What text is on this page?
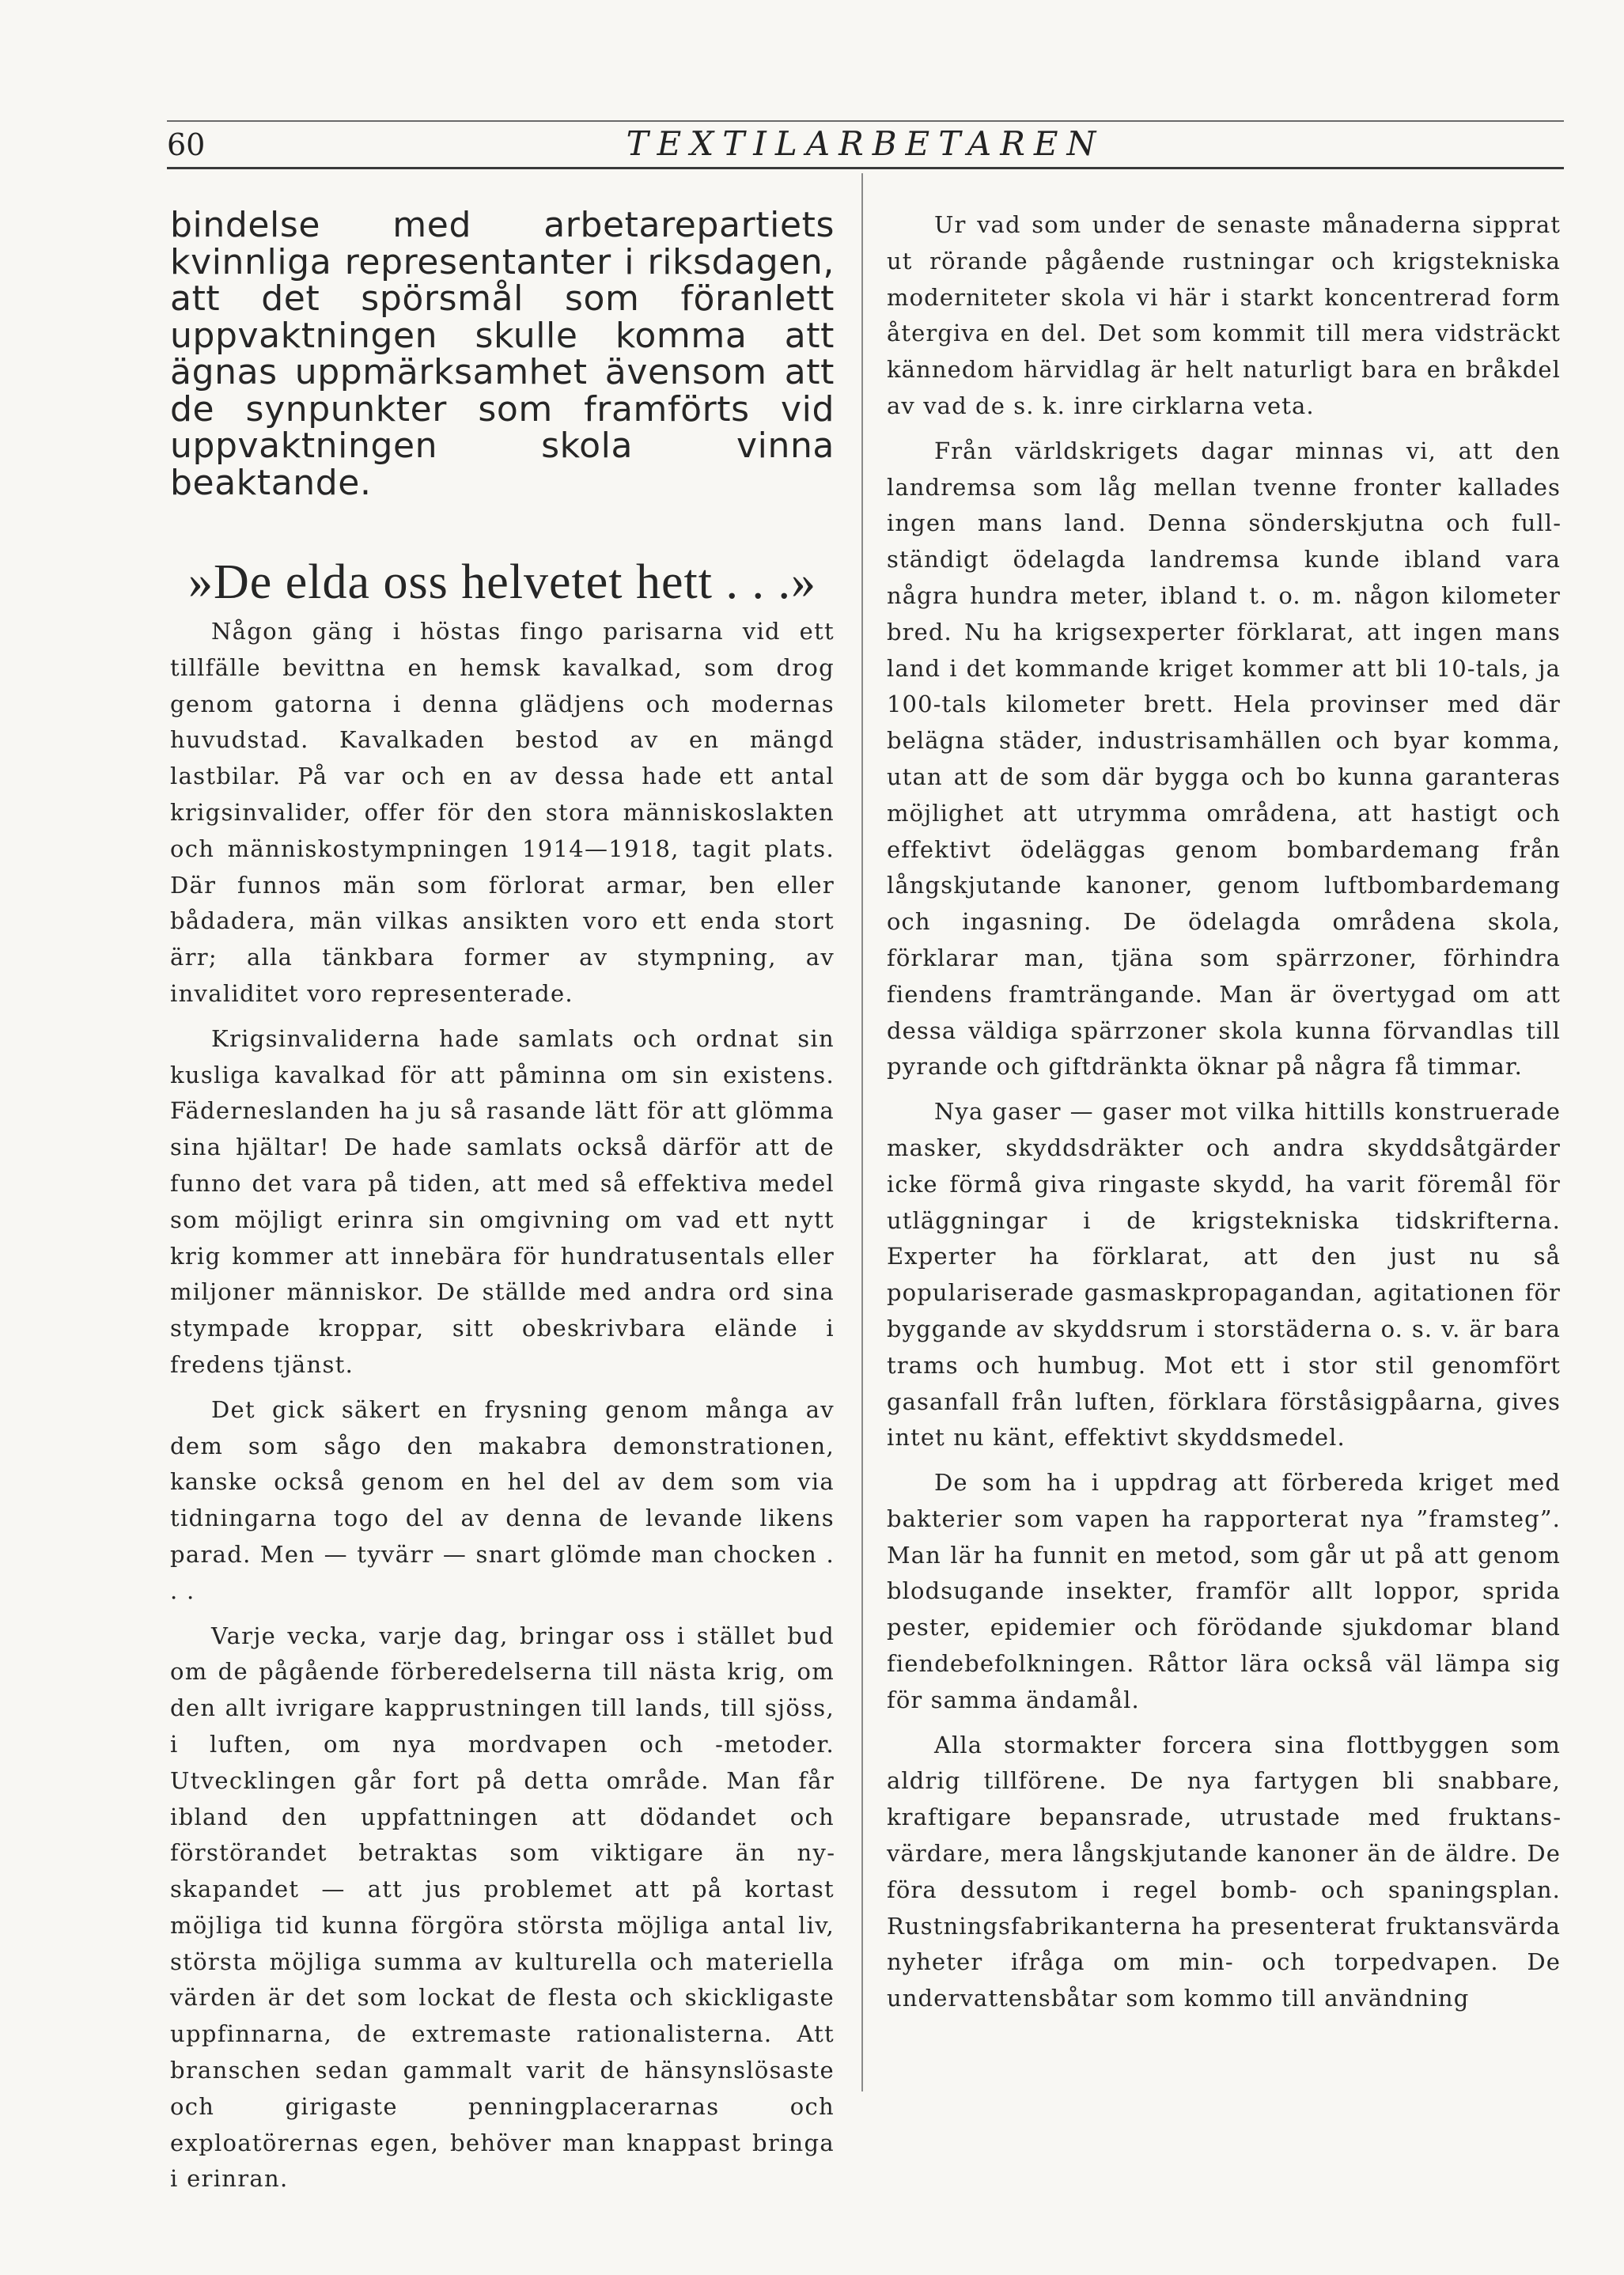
60	TEXTILARBETAREN

bindelse med arbetarepartiets kvinnliga representanter i riksdagen, att det spörsmål som föranlett uppvaktningen skulle komma att ägnas uppmärksamhet ävensom att de synpunkter som framförts vid uppvaktningen skola vinna beaktande.

»De elda oss helvetet hett . . .»

Någon gäng i höstas fingo parisarna vid ett tillfälle bevittna en hemsk kavalkad, som drog genom gatorna i denna glädjens och modernas huvudstad. Kavalkaden bestod av en mängd lastbilar. På var och en av dessa hade ett antal krigsinvalider, offer för den stora människoslakten och människostympningen 1914—1918, tagit plats. Där funnos män som förlorat armar, ben eller bådadera, män vilkas ansikten voro ett enda stort ärr; alla tänkbara former av stympning, av invaliditet voro representerade.

Krigsinvaliderna hade samlats och ordnat sin kusliga kavalkad för att påminna om sin existens. Fäderneslanden ha ju så rasande lätt för att glömma sina hjältar! De hade samlats också därför att de funno det vara på tiden, att med så effektiva medel som möjligt erinra sin omgivning om vad ett nytt krig kommer att innebära för hundratusentals eller miljoner människor. De ställde med andra ord sina stympade kroppar, sitt obeskrivbara elände i fredens tjänst.

Det gick säkert en frysning genom många av dem som sågo den makabra demonstrationen, kanske också genom en hel del av dem som via tidningarna togo del av denna de levande likens parad. Men — tyvärr — snart glömde man chocken . . .

Varje vecka, varje dag, bringar oss i stället bud om de pågående förberedelserna till nästa krig, om den allt ivrigare kapprustningen till lands, till sjöss, i luften, om nya mordvapen och -metoder. Utvecklingen går fort på detta område. Man får ibland den uppfattningen att dödandet och förstörandet betraktas som viktigare än nyskapandet — att jus problemet att på kortast möjliga tid kunna förgöra största möjliga antal liv, största möjliga summa av kulturella och materiella värden är det som lockat de flesta och skickligaste uppfinnarna, de extremaste rationalisterna. Att branschen sedan gammalt varit de hänsynslösaste och girigaste penningplacerarnas och exploatörernas egen, behöver man knappast bringa i erinran.

Ur vad som under de senaste månaderna sipprat ut rörande pågående rustningar och krigstekniska moderniteter skola vi här i starkt koncentrerad form återgiva en del. Det som kommit till mera vidsträckt kännedom härvidlag är helt naturligt bara en bråkdel av vad de s. k. inre cirklarna veta.

Från världskrigets dagar minnas vi, att den landremsa som låg mellan tvenne fronter kallades ingen mans land. Denna sönderskjutna och fullständigt ödelagda landremsa kunde ibland vara några hundra meter, ibland t. o. m. någon kilometer bred. Nu ha krigsexperter förklarat, att ingen mans land i det kommande kriget kommer att bli 10-tals, ja 100-tals kilometer brett. Hela provinser med där belägna städer, industrisamhällen och byar komma, utan att de som där bygga och bo kunna garanteras möjlighet att utrymma områdena, att hastigt och effektivt ödeläggas genom bombardemang från långskjutande kanoner, genom luftbombardemang och ingasning. De ödelagda områdena skola, förklarar man, tjäna som spärrzoner, förhindra fiendens framträngande. Man är övertygad om att dessa väldiga spärrzoner skola kunna förvandlas till pyrande och giftdränkta öknar på några få timmar.

Nya gaser — gaser mot vilka hittills konstruerade masker, skyddsdräkter och andra skyddsåtgärder icke förmå giva ringaste skydd, ha varit föremål för utläggningar i de krigstekniska tidskrifterna. Experter ha förklarat, att den just nu så populariserade gasmaskpropagandan, agitationen för byggande av skyddsrum i storstäderna o. s. v. är bara trams och humbug. Mot ett i stor stil genomfört gasanfall från luften, förklara förståsigpåarna, gives intet nu känt, effektivt skyddsmedel.

De som ha i uppdrag att förbereda kriget med bakterier som vapen ha rapporterat nya ”framsteg”. Man lär ha funnit en metod, som går ut på att genom blodsugande insekter, framför allt loppor, sprida pester, epidemier och förödande sjukdomar bland fiendebefolkningen. Råttor lära också väl lämpa sig för samma ändamål.

Alla stormakter forcera sina flottbyggen som aldrig tillförene. De nya fartygen bli snabbare, kraftigare bepansrade, utrustade med fruktansvärdare, mera långskjutande kanoner än de äldre. De föra dessutom i regel bomb- och spaningsplan. Rustningsfabrikanterna ha presenterat fruktansvärda nyheter ifråga om min- och torpedvapen. De undervattensbåtar som kommo till användning
